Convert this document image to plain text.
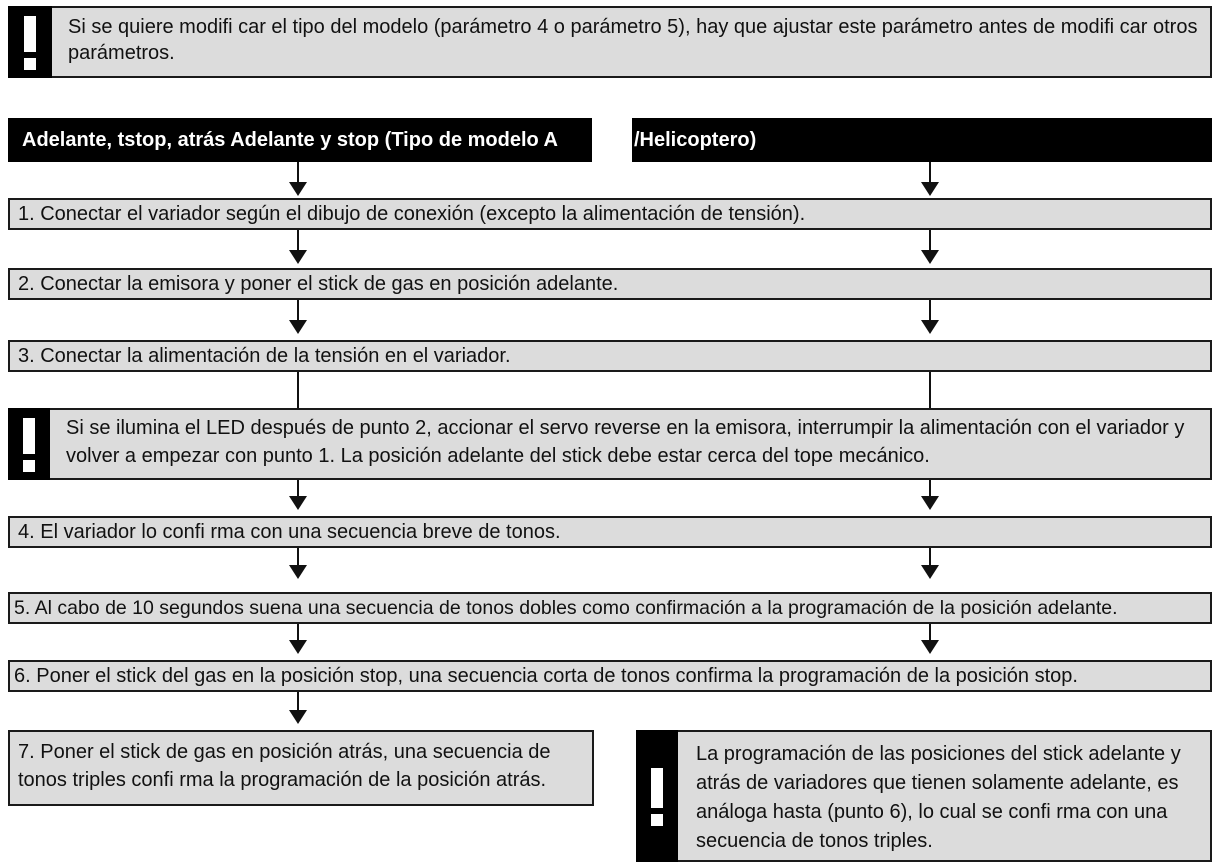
Si se quiere modifi car el tipo del modelo (parámetro 4 o parámetro 5), hay que ajustar este parámetro antes de modifi car otros parámetros.
Adelante, tstop, atrás Adelante y stop (Tipo de modelo A	/Helicoptero)
1. Conectar el variador según el dibujo de conexión (excepto la alimentación de tensión).
2. Conectar la emisora y poner el stick de gas en posición adelante.
3. Conectar la alimentación de la tensión en el variador.
Si se ilumina el LED después de punto 2, accionar el servo reverse en la emisora, interrumpir la alimentación con el variador y volver a empezar con punto 1. La posición adelante del stick debe estar cerca del tope mecánico.
4. El variador lo confi rma con una secuencia breve de tonos.
5. Al cabo de 10 segundos suena una secuencia de tonos dobles como confirmación a la programación de la posición adelante.
6. Poner el stick del gas en la posición stop, una secuencia corta de tonos confirma la programación de la posición stop.
7. Poner el stick de gas en posición atrás, una secuencia de tonos triples confi rma la programación de la posición atrás.
La programación de las posiciones del stick adelante y atrás de variadores que tienen solamente adelante, es análoga hasta (punto 6), lo cual se confi rma con una secuencia de tonos triples.
